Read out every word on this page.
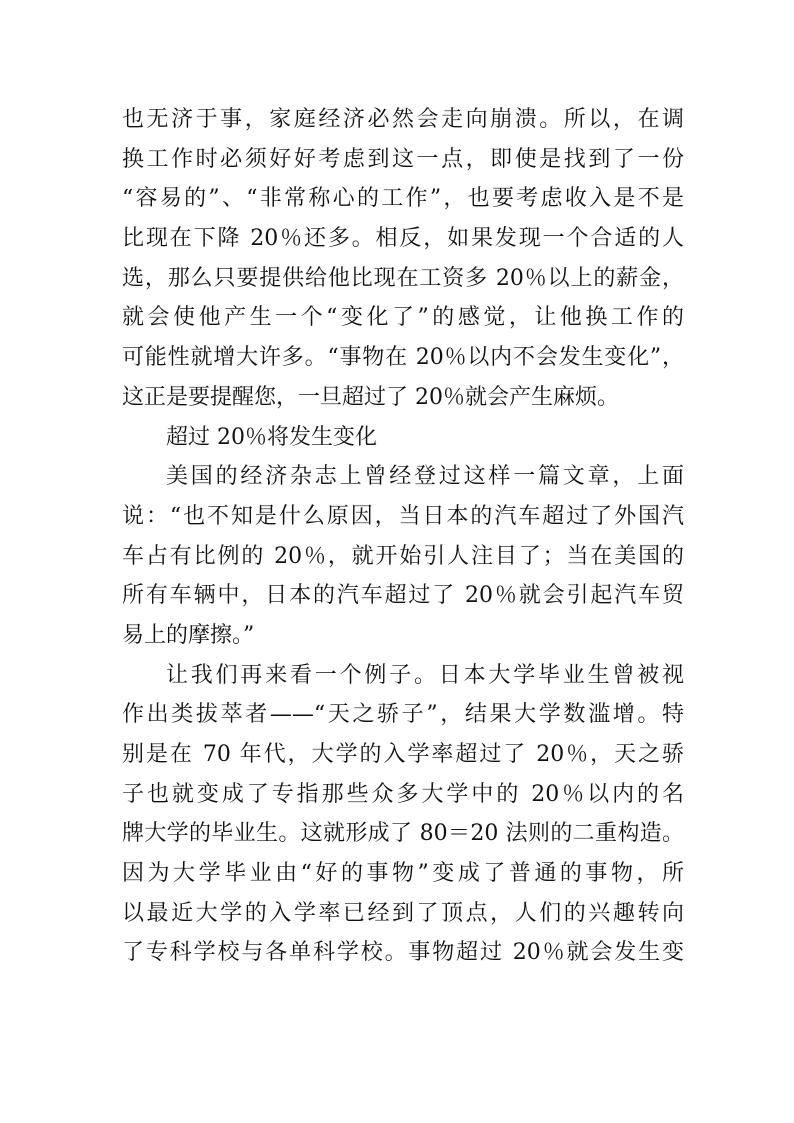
也无济于事，家庭经济必然会走向崩溃。所以，在调
换工作时必须好好考虑到这一点，即使是找到了一份
“容易的”、“非常称心的工作”，也要考虑收入是不是
比现在下降 20％还多。相反，如果发现一个合适的人
选，那么只要提供给他比现在工资多 20％以上的薪金，
就会使他产生一个“变化了”的感觉，让他换工作的
可能性就增大许多。“事物在 20％以内不会发生变化”，
这正是要提醒您，一旦超过了 20％就会产生麻烦。
超过 20％将发生变化
美国的经济杂志上曾经登过这样一篇文章，上面
说：“也不知是什么原因，当日本的汽车超过了外国汽
车占有比例的 20％，就开始引人注目了；当在美国的
所有车辆中，日本的汽车超过了 20％就会引起汽车贸
易上的摩擦。”
让我们再来看一个例子。日本大学毕业生曾被视
作出类拔萃者——“天之骄子”，结果大学数滥增。特
别是在 70 年代，大学的入学率超过了 20％，天之骄
子也就变成了专指那些众多大学中的 20％以内的名
牌大学的毕业生。这就形成了 80＝20 法则的二重构造。
因为大学毕业由“好的事物”变成了普通的事物，所
以最近大学的入学率已经到了顶点，人们的兴趣转向
了专科学校与各单科学校。事物超过 20％就会发生变
